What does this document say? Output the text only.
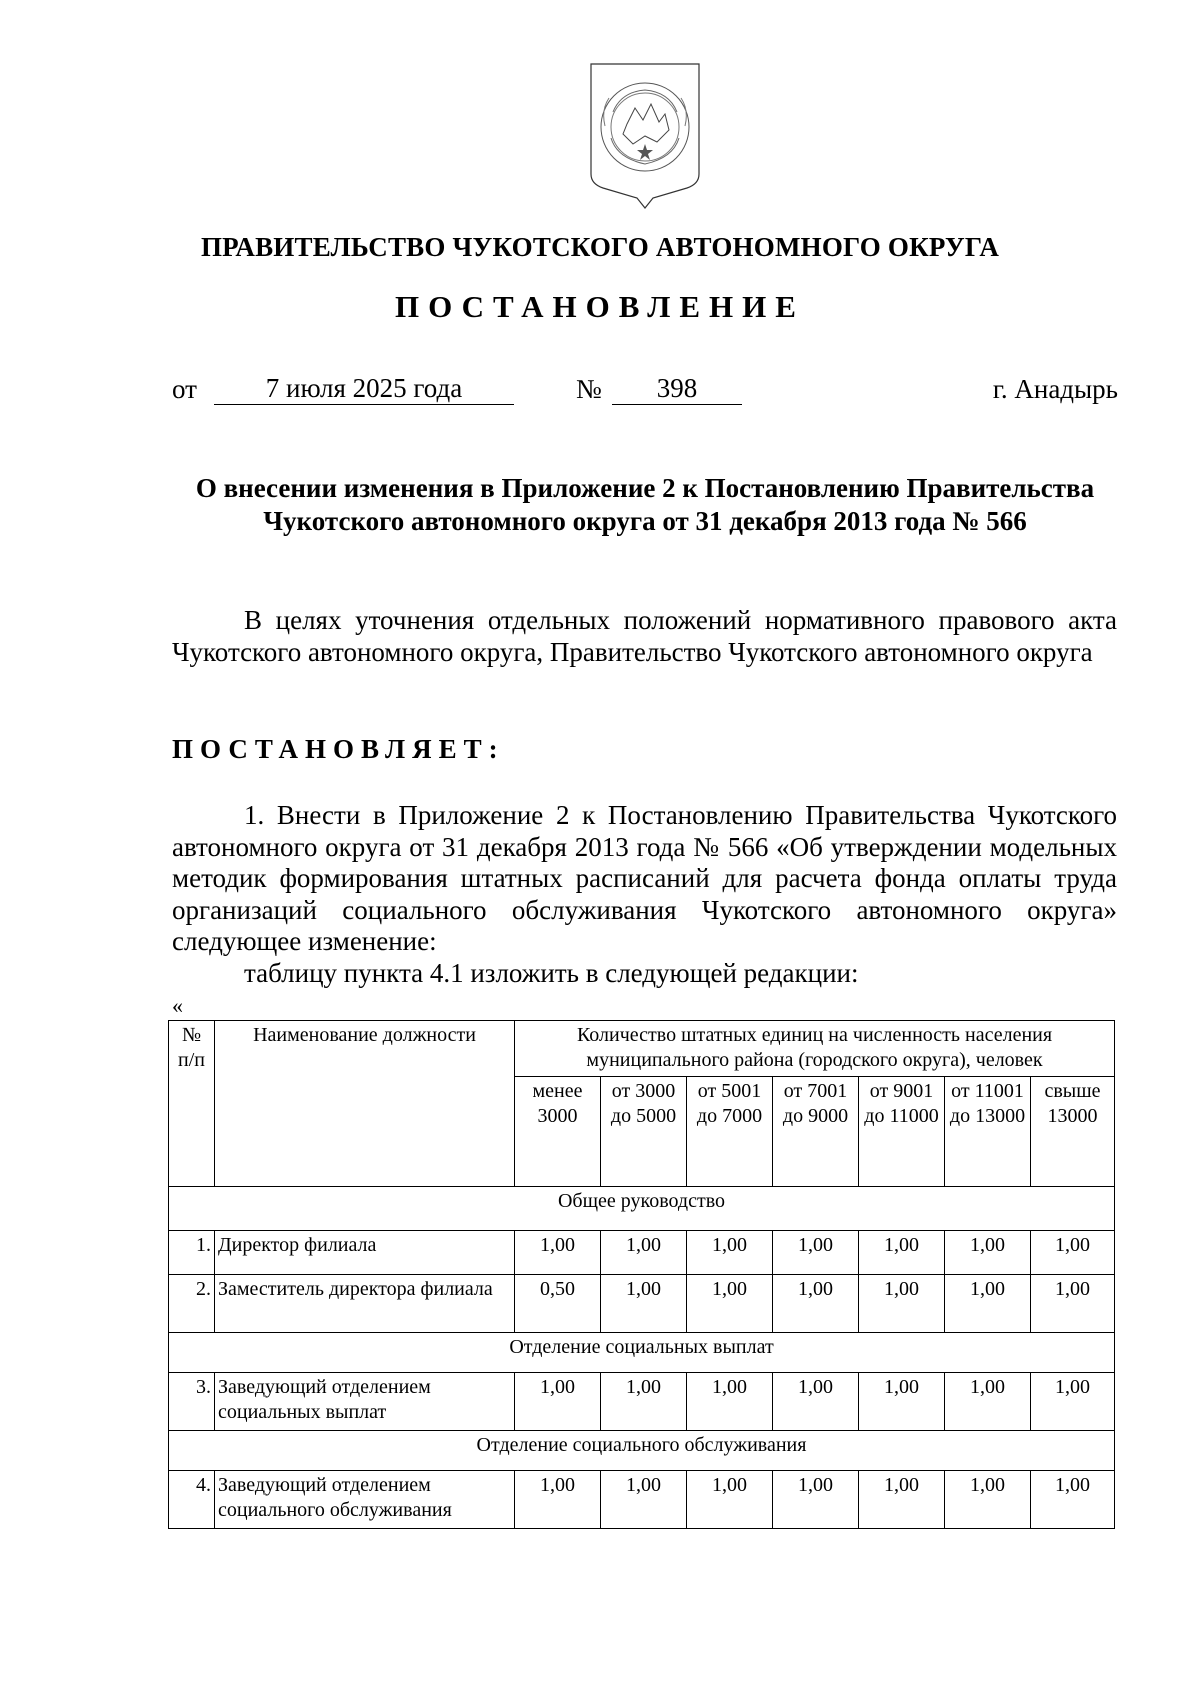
ПРАВИТЕЛЬСТВО ЧУКОТСКОГО АВТОНОМНОГО ОКРУГА
ПОСТАНОВЛЕНИЕ
от	7 июля 2025 года	№	398	г. Анадырь
О внесении изменения в Приложение 2 к Постановлению Правительства Чукотского автономного округа от 31 декабря 2013 года № 566
В целях уточнения отдельных положений нормативного правового акта Чукотского автономного округа, Правительство Чукотского автономного округа
ПОСТАНОВЛЯЕТ:
1. Внести в Приложение 2 к Постановлению Правительства Чукотского автономного округа от 31 декабря 2013 года № 566 «Об утверждении модельных методик формирования штатных расписаний для расчета фонда оплаты труда организаций социального обслуживания Чукотского автономного округа» следующее изменение:
таблицу пункта 4.1 изложить в следующей редакции:
«
№ п/п	Наименование должности	Количество штатных единиц на численность населения муниципального района (городского округа), человек						
		менее 3000	от 3000 до 5000	от 5001 до 7000	от 7001 до 9000	от 9001 до 11000	от 11001 до 13000	свыше 13000
Общее руководство								
1.	Директор филиала	1,00	1,00	1,00	1,00	1,00	1,00	1,00
2.	Заместитель директора филиала	0,50	1,00	1,00	1,00	1,00	1,00	1,00
Отделение социальных выплат								
3.	Заведующий отделением социальных выплат	1,00	1,00	1,00	1,00	1,00	1,00	1,00
Отделение социального обслуживания								
4.	Заведующий отделением социального обслуживания	1,00	1,00	1,00	1,00	1,00	1,00	1,00
